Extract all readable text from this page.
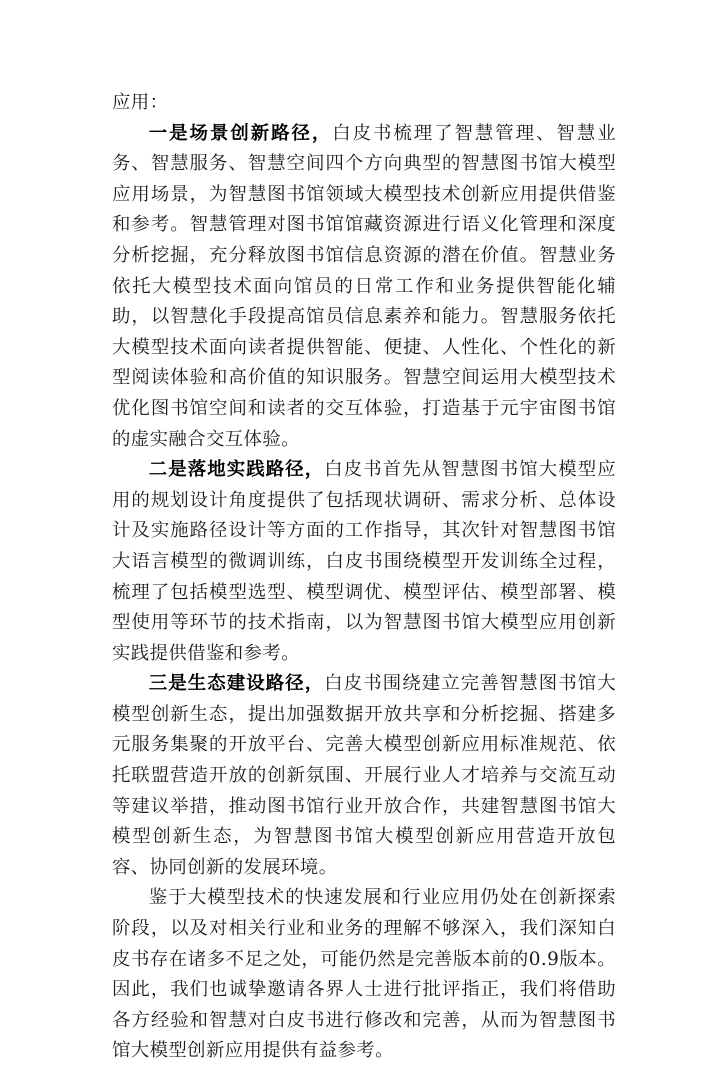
应用：

一是场景创新路径，白皮书梳理了智慧管理、智慧业务、智慧服务、智慧空间四个方向典型的智慧图书馆大模型应用场景，为智慧图书馆领域大模型技术创新应用提供借鉴和参考。智慧管理对图书馆馆藏资源进行语义化管理和深度分析挖掘，充分释放图书馆信息资源的潜在价值。智慧业务依托大模型技术面向馆员的日常工作和业务提供智能化辅助，以智慧化手段提高馆员信息素养和能力。智慧服务依托大模型技术面向读者提供智能、便捷、人性化、个性化的新型阅读体验和高价值的知识服务。智慧空间运用大模型技术优化图书馆空间和读者的交互体验，打造基于元宇宙图书馆的虚实融合交互体验。

二是落地实践路径，白皮书首先从智慧图书馆大模型应用的规划设计角度提供了包括现状调研、需求分析、总体设计及实施路径设计等方面的工作指导，其次针对智慧图书馆大语言模型的微调训练，白皮书围绕模型开发训练全过程，梳理了包括模型选型、模型调优、模型评估、模型部署、模型使用等环节的技术指南，以为智慧图书馆大模型应用创新实践提供借鉴和参考。

三是生态建设路径，白皮书围绕建立完善智慧图书馆大模型创新生态，提出加强数据开放共享和分析挖掘、搭建多元服务集聚的开放平台、完善大模型创新应用标准规范、依托联盟营造开放的创新氛围、开展行业人才培养与交流互动等建议举措，推动图书馆行业开放合作，共建智慧图书馆大模型创新生态，为智慧图书馆大模型创新应用营造开放包容、协同创新的发展环境。

鉴于大模型技术的快速发展和行业应用仍处在创新探索阶段，以及对相关行业和业务的理解不够深入，我们深知白皮书存在诸多不足之处，可能仍然是完善版本前的0.9版本。因此，我们也诚挚邀请各界人士进行批评指正，我们将借助各方经验和智慧对白皮书进行修改和完善，从而为智慧图书馆大模型创新应用提供有益参考。
